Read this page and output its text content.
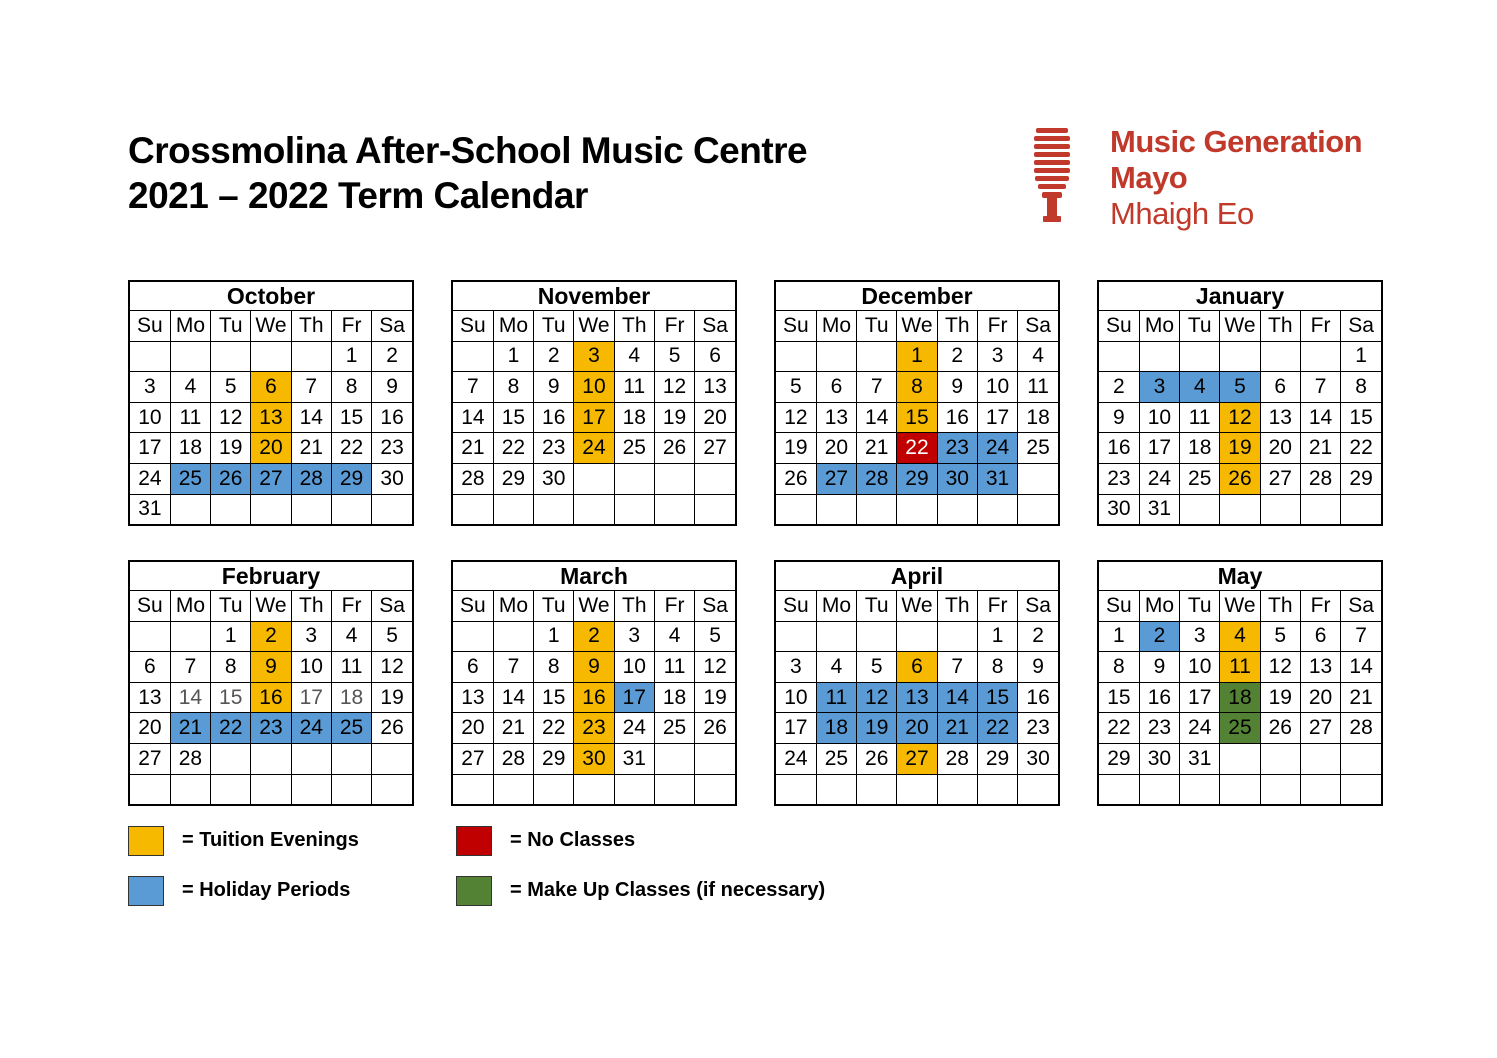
Crossmolina After-School Music Centre
2021 – 2022 Term Calendar
Music Generation
Mayo
Mhaigh Eo
October						
Su	Mo	Tu	We	Th	Fr	Sa
					1	2
3	4	5	6	7	8	9
10	11	12	13	14	15	16
17	18	19	20	21	22	23
24	25	26	27	28	29	30
31						
November						
Su	Mo	Tu	We	Th	Fr	Sa
	1	2	3	4	5	6
7	8	9	10	11	12	13
14	15	16	17	18	19	20
21	22	23	24	25	26	27
28	29	30				

December						
Su	Mo	Tu	We	Th	Fr	Sa
			1	2	3	4
5	6	7	8	9	10	11
12	13	14	15	16	17	18
19	20	21	22	23	24	25
26	27	28	29	30	31	

January						
Su	Mo	Tu	We	Th	Fr	Sa
						1
2	3	4	5	6	7	8
9	10	11	12	13	14	15
16	17	18	19	20	21	22
23	24	25	26	27	28	29
30	31					
February						
Su	Mo	Tu	We	Th	Fr	Sa
		1	2	3	4	5
6	7	8	9	10	11	12
13	14	15	16	17	18	19
20	21	22	23	24	25	26
27	28					

March						
Su	Mo	Tu	We	Th	Fr	Sa
		1	2	3	4	5
6	7	8	9	10	11	12
13	14	15	16	17	18	19
20	21	22	23	24	25	26
27	28	29	30	31		

April						
Su	Mo	Tu	We	Th	Fr	Sa
					1	2
3	4	5	6	7	8	9
10	11	12	13	14	15	16
17	18	19	20	21	22	23
24	25	26	27	28	29	30

May						
Su	Mo	Tu	We	Th	Fr	Sa
1	2	3	4	5	6	7
8	9	10	11	12	13	14
15	16	17	18	19	20	21
22	23	24	25	26	27	28
29	30	31				

= Tuition Evenings
= Holiday Periods
= No Classes
= Make Up Classes (if necessary)
